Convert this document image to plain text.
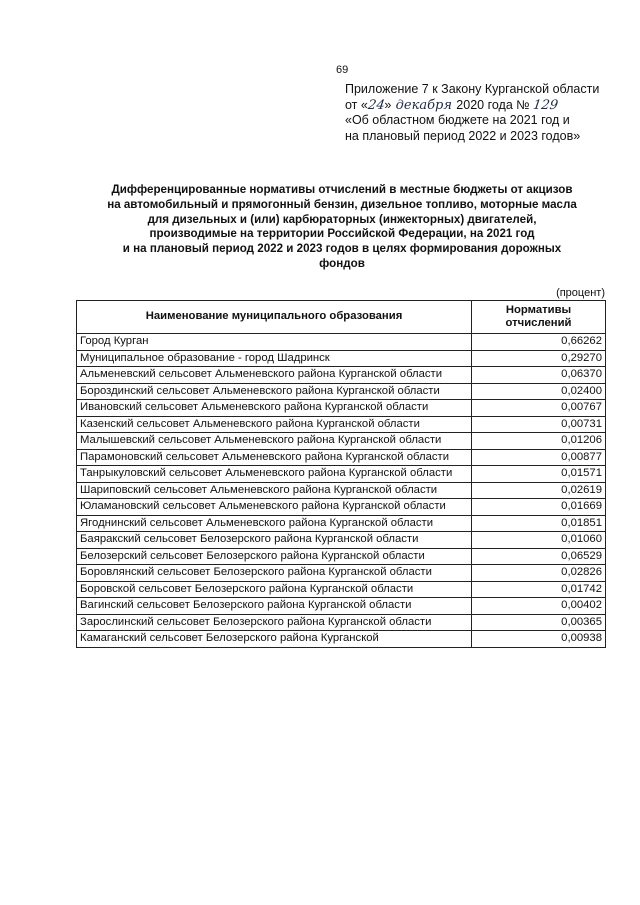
69
Приложение 7 к Закону Курганской области
от «24» декабря 2020 года № 129
«Об областном бюджете на 2021 год и
на плановый период 2022 и 2023 годов»
Дифференцированные нормативы отчислений в местные бюджеты от акцизов
на автомобильный и прямогонный бензин, дизельное топливо, моторные масла
для дизельных и (или) карбюраторных (инжекторных) двигателей,
производимые на территории Российской Федерации, на 2021 год
и на плановый период 2022 и 2023 годов в целях формирования дорожных
фондов
(процент)
Наименование муниципального образования	Нормативы отчислений
Город Курган	0,66262
Муниципальное образование - город Шадринск	0,29270
Альменевский сельсовет Альменевского района Курганской области	0,06370
Бороздинский сельсовет Альменевского района Курганской области	0,02400
Ивановский сельсовет Альменевского района Курганской области	0,00767
Казенский сельсовет Альменевского района Курганской области	0,00731
Малышевский сельсовет Альменевского района Курганской области	0,01206
Парамоновский сельсовет Альменевского района Курганской области	0,00877
Танрыкуловский сельсовет Альменевского района Курганской области	0,01571
Шариповский сельсовет Альменевского района Курганской области	0,02619
Юламановский сельсовет Альменевского района Курганской области	0,01669
Ягоднинский сельсовет Альменевского района Курганской области	0,01851
Баяракский сельсовет Белозерского района Курганской области	0,01060
Белозерский сельсовет Белозерского района Курганской области	0,06529
Боровлянский сельсовет Белозерского района Курганской области	0,02826
Боровской сельсовет Белозерского района Курганской области	0,01742
Вагинский сельсовет Белозерского района Курганской области	0,00402
Зарослинский сельсовет Белозерского района Курганской области	0,00365
Камаганский сельсовет Белозерского района Курганской	0,00938
